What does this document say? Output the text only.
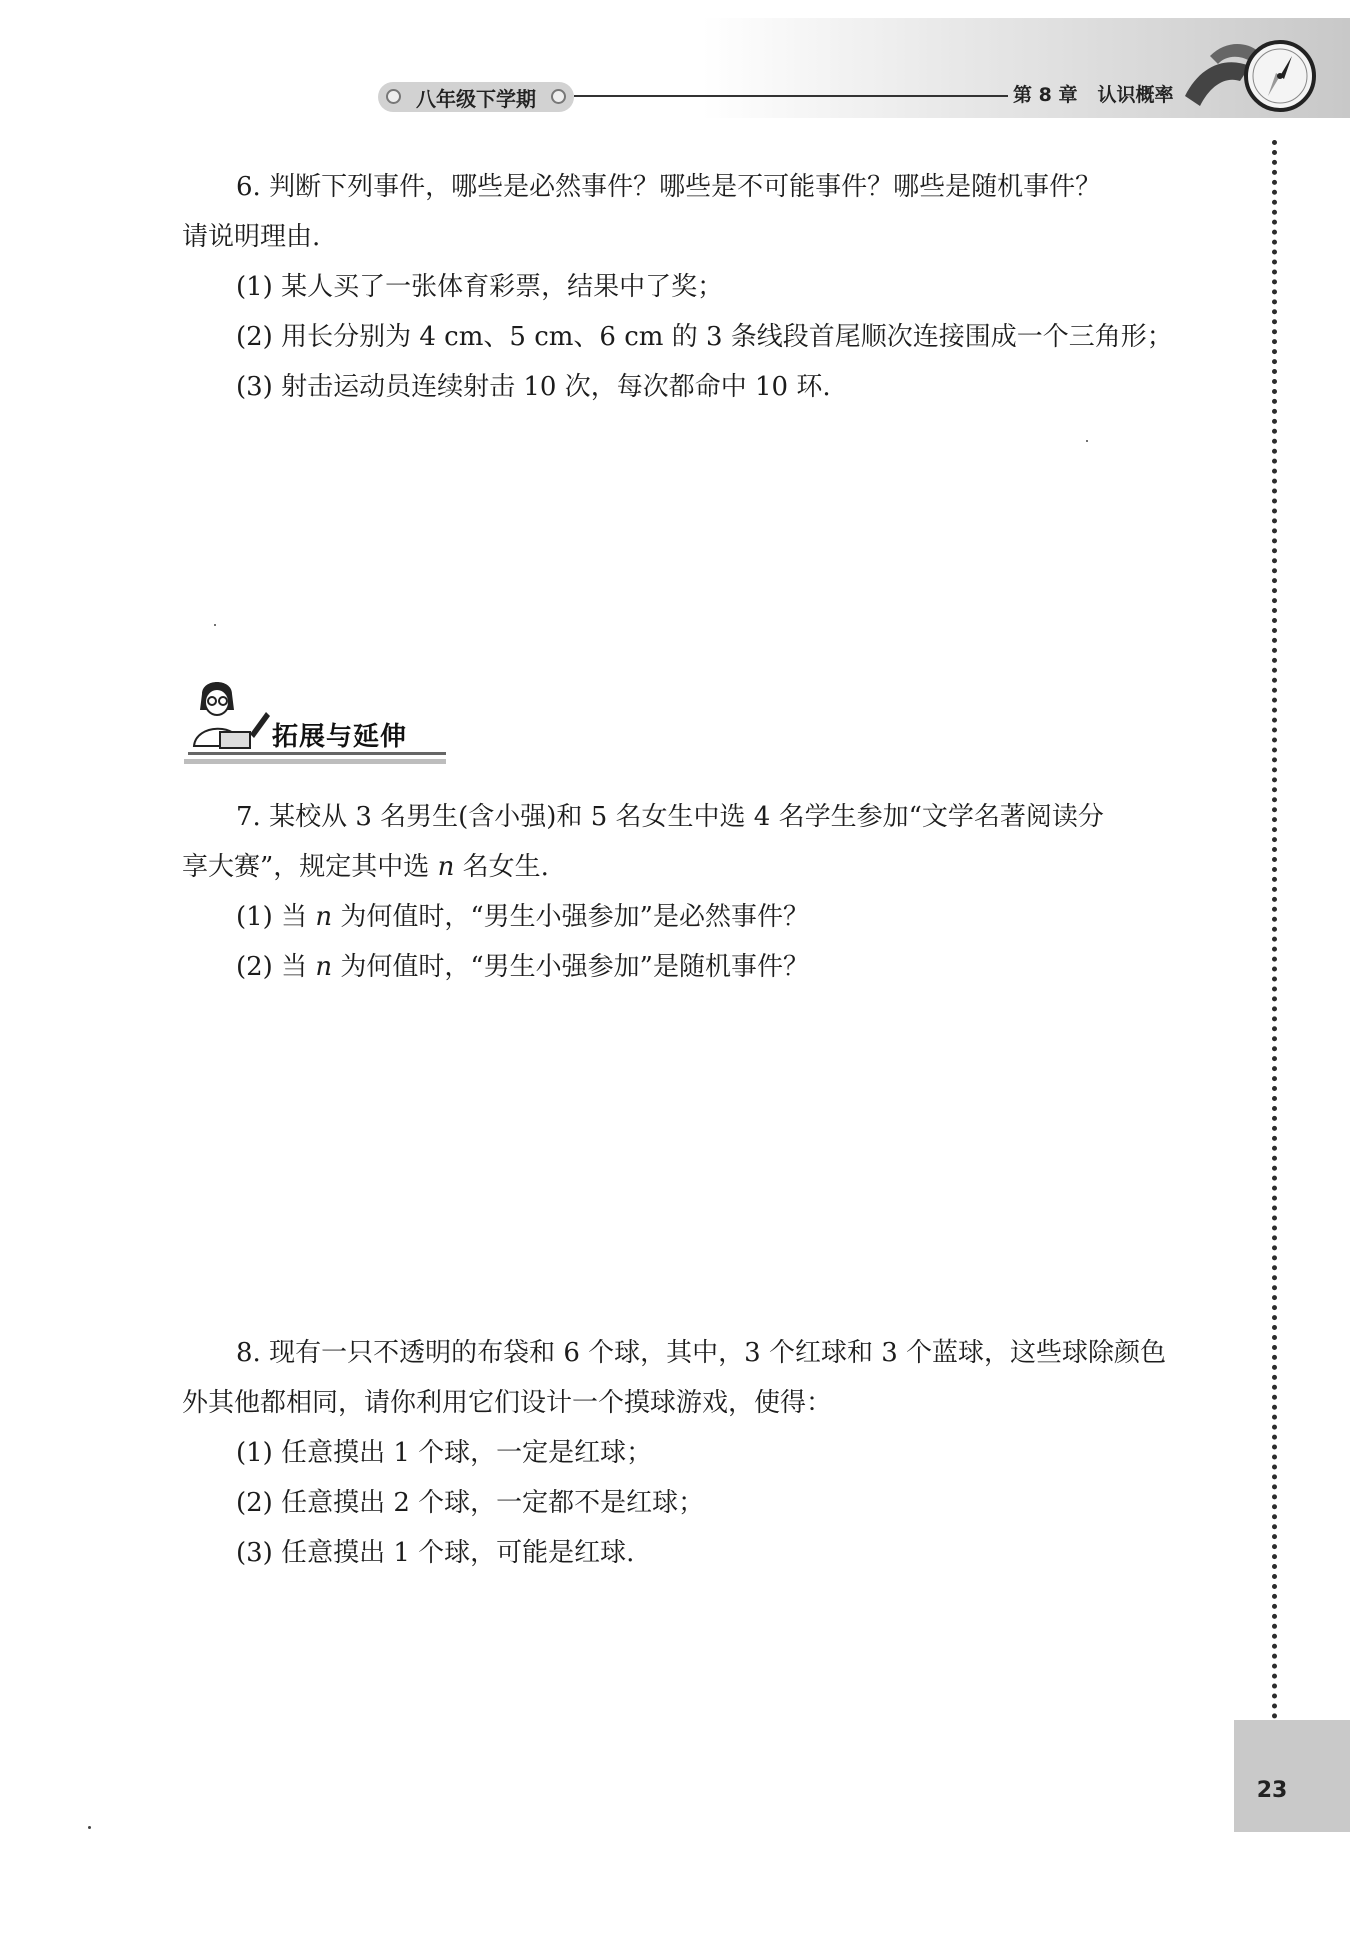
八年级下学期	第 8 章 认识概率

6. 判断下列事件，哪些是必然事件？哪些是不可能事件？哪些是随机事件？

请说明理由.

(1) 某人买了一张体育彩票，结果中了奖；

(2) 用长分别为 4 cm、5 cm、6 cm 的 3 条线段首尾顺次连接围成一个三角形；

(3) 射击运动员连续射击 10 次，每次都命中 10 环.

拓展与延伸

7. 某校从 3 名男生(含小强)和 5 名女生中选 4 名学生参加“文学名著阅读分

享大赛”，规定其中选 n 名女生.

(1) 当 n 为何值时，“男生小强参加”是必然事件？

(2) 当 n 为何值时，“男生小强参加”是随机事件？

8. 现有一只不透明的布袋和 6 个球，其中，3 个红球和 3 个蓝球，这些球除颜色

外其他都相同，请你利用它们设计一个摸球游戏，使得：

(1) 任意摸出 1 个球，一定是红球；

(2) 任意摸出 2 个球，一定都不是红球；

(3) 任意摸出 1 个球，可能是红球.

23
